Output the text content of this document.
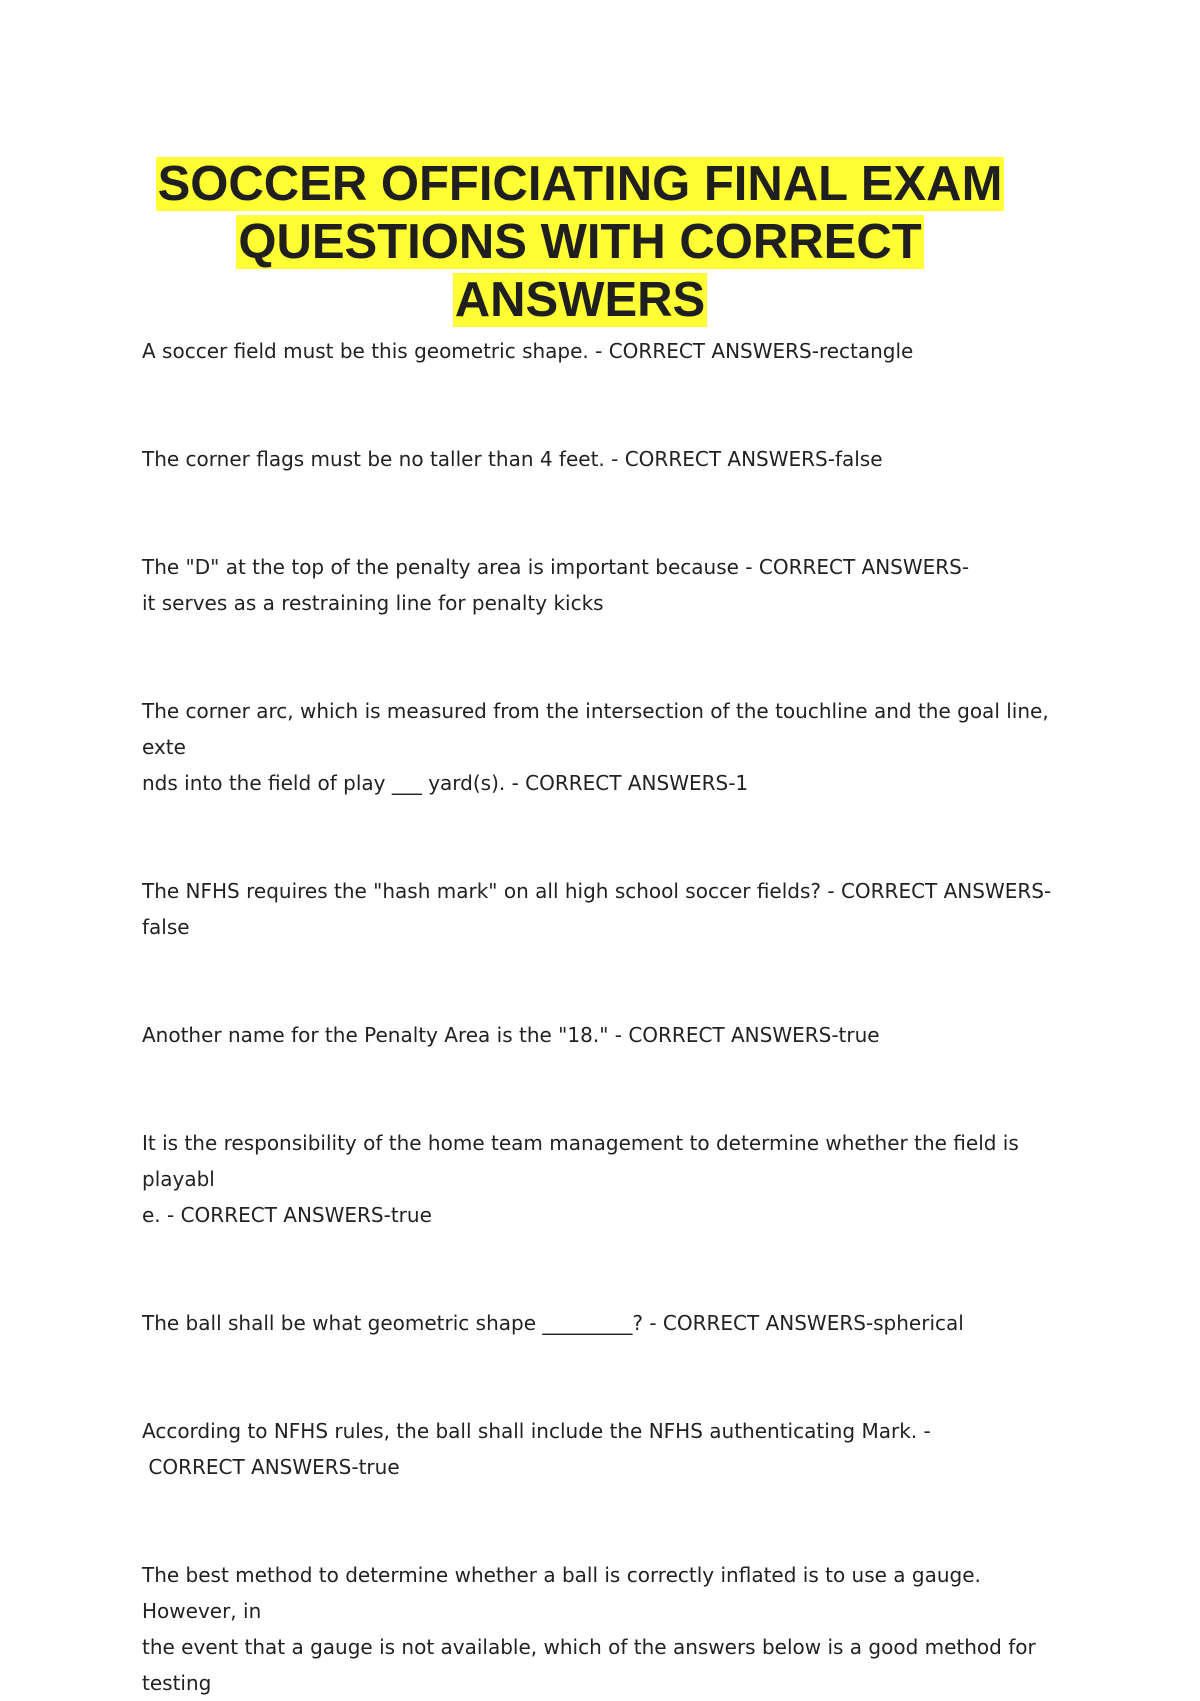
SOCCER OFFICIATING FINAL EXAM
QUESTIONS WITH CORRECT
ANSWERS

A soccer field must be this geometric shape. - CORRECT ANSWERS-rectangle

The corner flags must be no taller than 4 feet. - CORRECT ANSWERS-false

The "D" at the top of the penalty area is important because - CORRECT ANSWERS-
it serves as a restraining line for penalty kicks

The corner arc, which is measured from the intersection of the touchline and the goal line, exte
nds into the field of play ___ yard(s). - CORRECT ANSWERS-1

The NFHS requires the "hash mark" on all high school soccer fields? - CORRECT ANSWERS-false

Another name for the Penalty Area is the "18." - CORRECT ANSWERS-true

It is the responsibility of the home team management to determine whether the field is playabl
e. - CORRECT ANSWERS-true

The ball shall be what geometric shape _________? - CORRECT ANSWERS-spherical

According to NFHS rules, the ball shall include the NFHS authenticating Mark. -
CORRECT ANSWERS-true

The best method to determine whether a ball is correctly inflated is to use a gauge. However, in
the event that a gauge is not available, which of the answers below is a good method for testing
